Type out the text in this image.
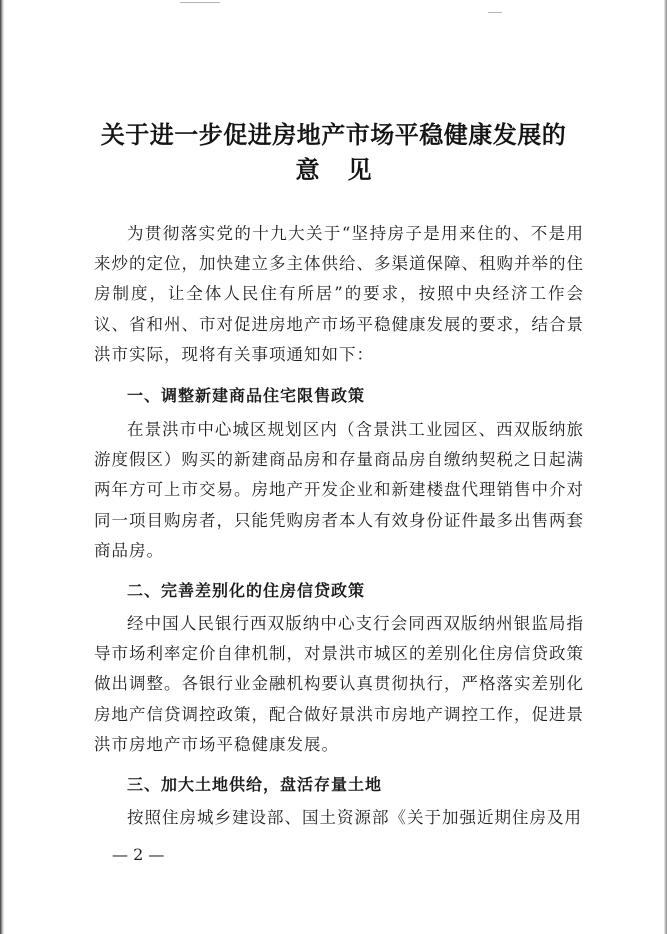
关于进一步促进房地产市场平稳健康发展的
意见

为贯彻落实党的十九大关于“坚持房子是用来住的、不是用来炒的定位，加快建立多主体供给、多渠道保障、租购并举的住房制度，让全体人民住有所居”的要求，按照中央经济工作会议、省和州、市对促进房地产市场平稳健康发展的要求，结合景洪市实际，现将有关事项通知如下：

一、调整新建商品住宅限售政策

在景洪市中心城区规划区内（含景洪工业园区、西双版纳旅游度假区）购买的新建商品房和存量商品房自缴纳契税之日起满两年方可上市交易。房地产开发企业和新建楼盘代理销售中介对同一项目购房者，只能凭购房者本人有效身份证件最多出售两套商品房。

二、完善差别化的住房信贷政策

经中国人民银行西双版纳中心支行会同西双版纳州银监局指导市场利率定价自律机制，对景洪市城区的差别化住房信贷政策做出调整。各银行业金融机构要认真贯彻执行，严格落实差别化房地产信贷调控政策，配合做好景洪市房地产调控工作，促进景洪市房地产市场平稳健康发展。

三、加大土地供给，盘活存量土地

按照住房城乡建设部、国土资源部《关于加强近期住房及用

— 2 —
